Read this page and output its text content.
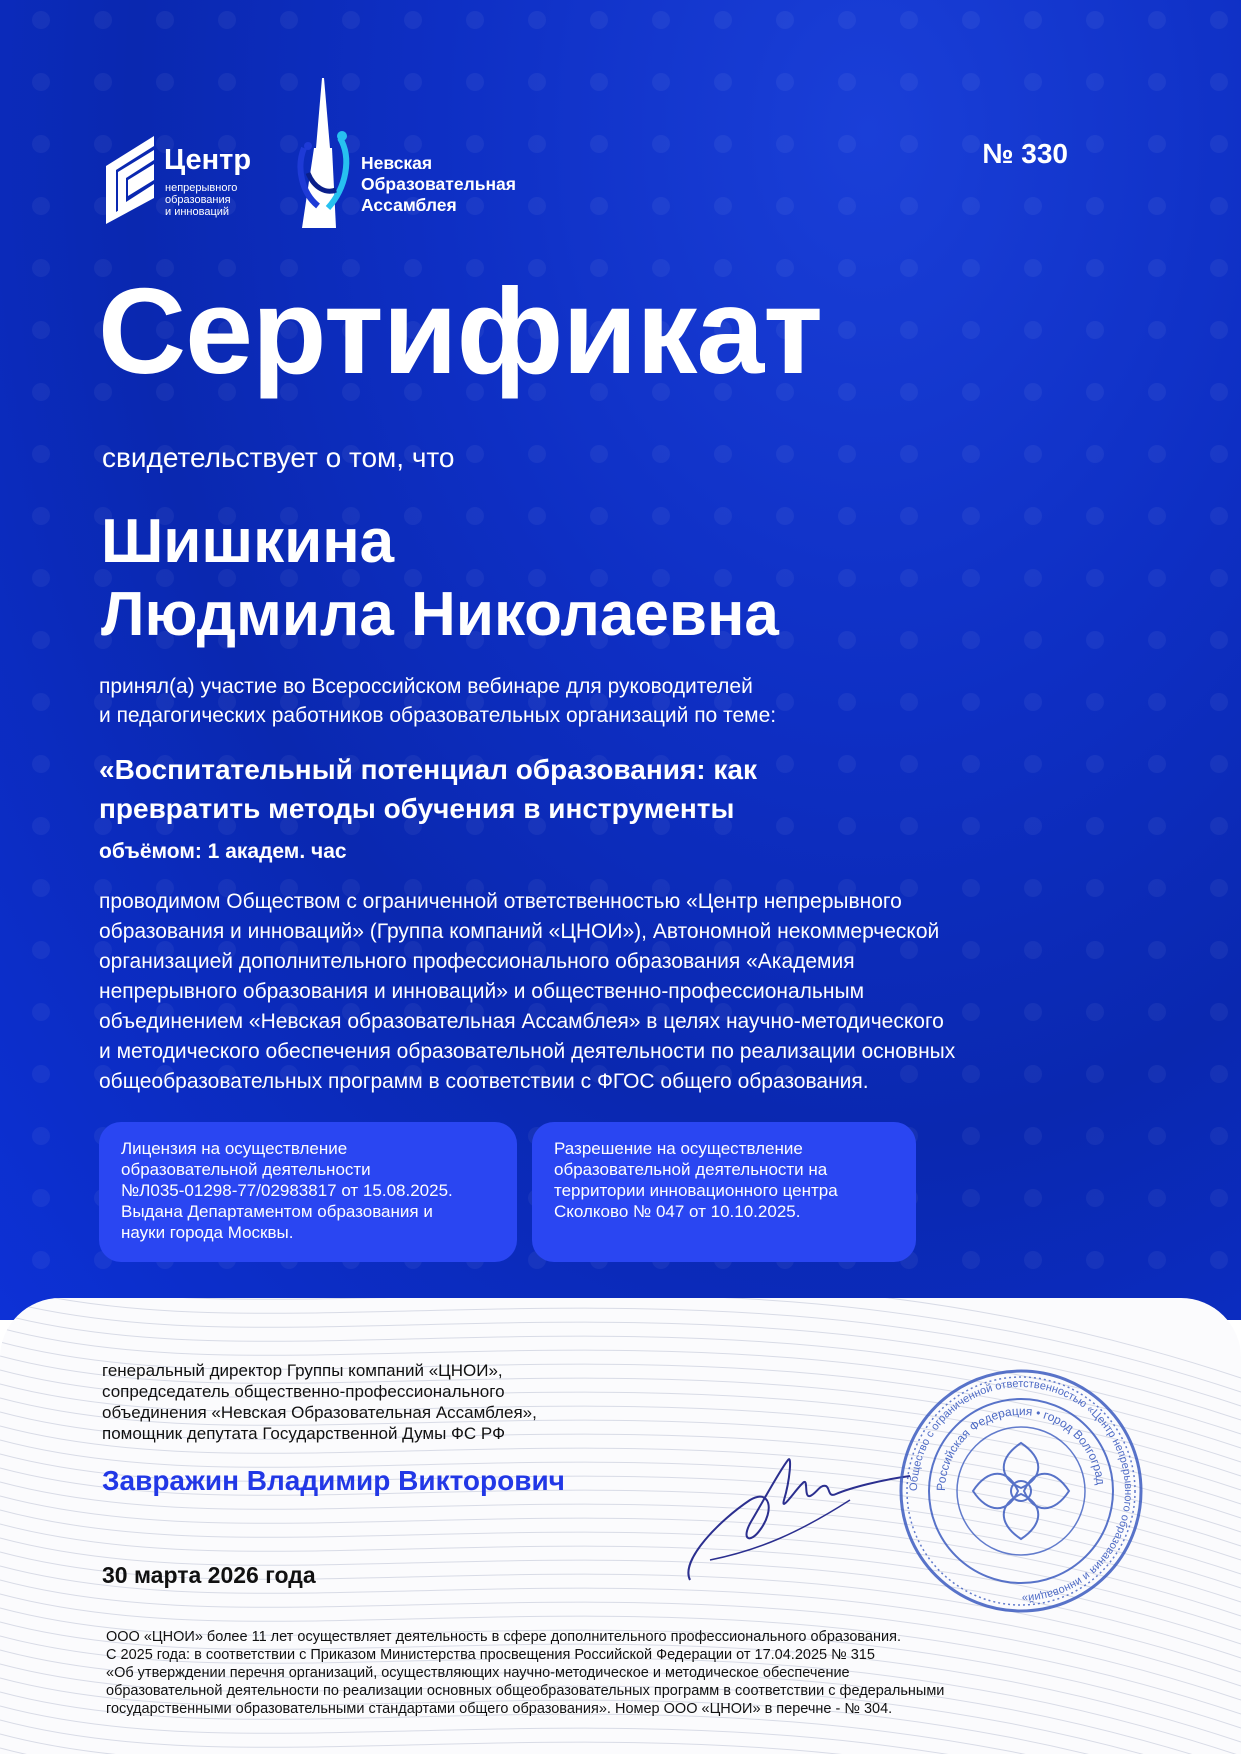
Центр
непрерывного
образования
и инноваций
Невская
Образовательная
Ассамблея
№ 330
Сертификат
свидетельствует о том, что
Шишкина
Людмила Николаевна
принял(а) участие во Всероссийском вебинаре для руководителей
и педагогических работников образовательных организаций по теме:
«Воспитательный потенциал образования: как
превратить методы обучения в инструменты
объёмом: 1 академ. час
проводимом Обществом с ограниченной ответственностью «Центр непрерывного
образования и инноваций» (Группа компаний «ЦНОИ»), Автономной некоммерческой
организацией дополнительного профессионального образования «Академия
непрерывного образования и инноваций» и общественно-профессиональным
объединением «Невская образовательная Ассамблея» в целях научно-методического
и методического обеспечения образовательной деятельности по реализации основных
общеобразовательных программ в соответствии с ФГОС общего образования.
Лицензия на осуществление
образовательной деятельности
№Л035-01298-77/02983817 от 15.08.2025.
Выдана Департаментом образования и
науки города Москвы.
Разрешение на осуществление
образовательной деятельности на
территории инновационного центра
Сколково № 047 от 10.10.2025.
генеральный директор Группы компаний «ЦНОИ»,
сопредседатель общественно-профессионального
объединения «Невская Образовательная Ассамблея»,
помощник депутата Государственной Думы ФС РФ
Завражин Владимир Викторович
30 марта 2026 года
Общество с ограниченной ответственностью «Центр непрерывного образования и инноваций»
Российская Федерация • город Волгоград
ООО «ЦНОИ» более 11 лет осуществляет деятельность в сфере дополнительного профессионального образования.
С 2025 года: в соответствии с Приказом Министерства просвещения Российской Федерации от 17.04.2025 № 315
«Об утверждении перечня организаций, осуществляющих научно-методическое и методическое обеспечение
образовательной деятельности по реализации основных общеобразовательных программ в соответствии с федеральными
государственными образовательными стандартами общего образования». Номер ООО «ЦНОИ» в перечне - № 304.
